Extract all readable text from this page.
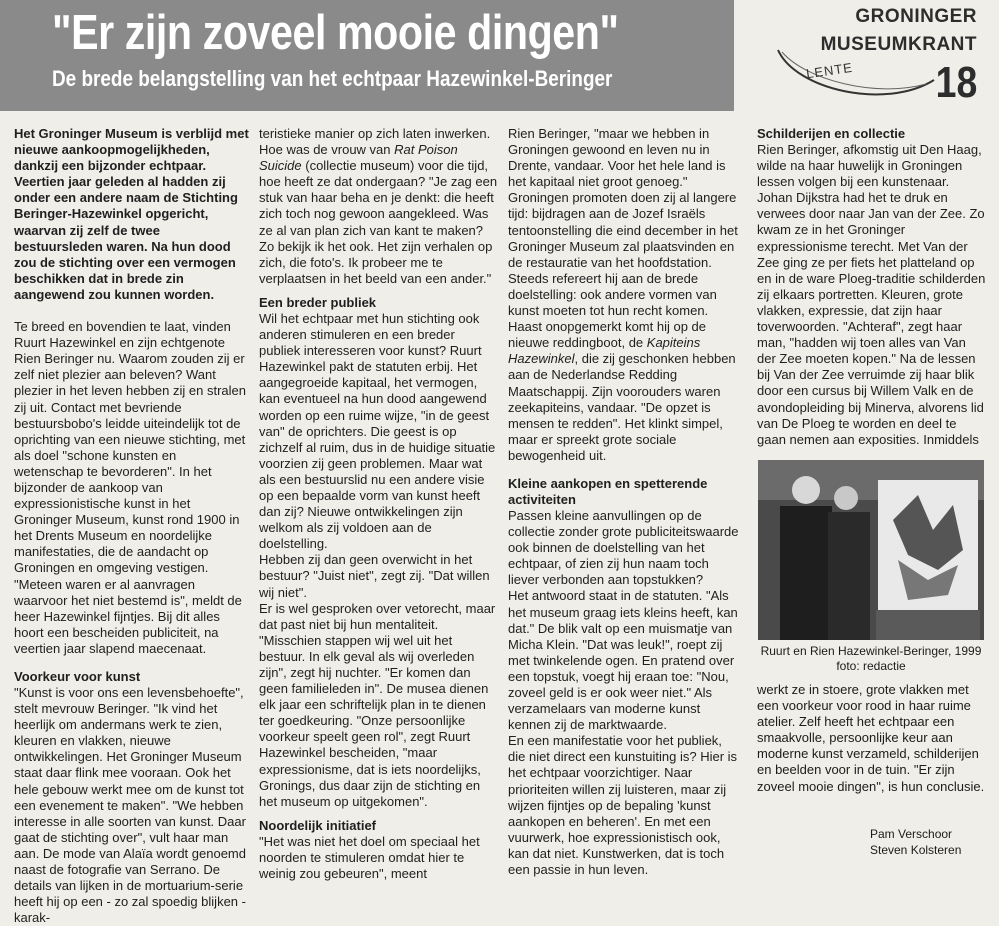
"Er zijn zoveel mooie dingen"
De brede belangstelling van het echtpaar Hazewinkel-Beringer
GRONINGER
MUSEUMKRANT
LENTE 18

Het Groninger Museum is verblijd met nieuwe aankoopmogelijkheden, dankzij een bijzonder echtpaar. Veertien jaar geleden al hadden zij onder een andere naam de Stichting Beringer-Hazewinkel opgericht, waarvan zij zelf de twee bestuursleden waren. Na hun dood zou de stichting over een vermogen beschikken dat in brede zin aangewend zou kunnen worden.

Te breed en bovendien te laat, vinden Ruurt Hazewinkel en zijn echtgenote Rien Beringer nu. Waarom zouden zij er zelf niet plezier aan beleven? Want plezier in het leven hebben zij en stralen zij uit. Contact met bevriende bestuursbobo's leidde uiteindelijk tot de oprichting van een nieuwe stichting, met als doel "schone kunsten en wetenschap te bevorderen". In het bijzonder de aankoop van expressionistische kunst in het Groninger Museum, kunst rond 1900 in het Drents Museum en noordelijke manifestaties, die de aandacht op Groningen en omgeving vestigen. "Meteen waren er al aanvragen waarvoor het niet bestemd is", meldt de heer Hazewinkel fijntjes. Bij dit alles hoort een bescheiden publiciteit, na veertien jaar slapend maecenaat.

Voorkeur voor kunst

"Kunst is voor ons een levensbehoefte", stelt mevrouw Beringer. "Ik vind het heerlijk om andermans werk te zien, kleuren en vlakken, nieuwe ontwikkelingen. Het Groninger Museum staat daar flink mee vooraan. Ook het hele gebouw werkt mee om de kunst tot een evenement te maken". "We hebben interesse in alle soorten van kunst. Daar gaat de stichting over", vult haar man aan. De mode van Alaïa wordt genoemd naast de fotografie van Serrano. De details van lijken in de mortuarium-serie heeft hij op een - zo zal spoedig blijken - karak-

teristieke manier op zich laten inwerken. Hoe was de vrouw van Rat Poison Suicide (collectie museum) voor die tijd, hoe heeft ze dat ondergaan? "Je zag een stuk van haar beha en je denkt: die heeft zich toch nog gewoon aangekleed. Was ze al van plan zich van kant te maken? Zo bekijk ik het ook. Het zijn verhalen op zich, die foto's. Ik probeer me te verplaatsen in het beeld van een ander."

Een breder publiek

Wil het echtpaar met hun stichting ook anderen stimuleren en een breder publiek interesseren voor kunst? Ruurt Hazewinkel pakt de statuten erbij. Het aangegroeide kapitaal, het vermogen, kan eventueel na hun dood aangewend worden op een ruime wijze, "in de geest van" de oprichters. Die geest is op zichzelf al ruim, dus in de huidige situatie voorzien zij geen problemen. Maar wat als een bestuurslid nu een andere visie op een bepaalde vorm van kunst heeft dan zij? Nieuwe ontwikkelingen zijn welkom als zij voldoen aan de doelstelling.

Hebben zij dan geen overwicht in het bestuur? "Juist niet", zegt zij. "Dat willen wij niet".

Er is wel gesproken over vetorecht, maar dat past niet bij hun mentaliteit. "Misschien stappen wij wel uit het bestuur. In elk geval als wij overleden zijn", zegt hij nuchter. "Er komen dan geen familieleden in". De musea dienen elk jaar een schriftelijk plan in te dienen ter goedkeuring. "Onze persoonlijke voorkeur speelt geen rol", zegt Ruurt Hazewinkel bescheiden, "maar expressionisme, dat is iets noordelijks, Gronings, dus daar zijn de stichting en het museum op uitgekomen".

Noordelijk initiatief

"Het was niet het doel om speciaal het noorden te stimuleren omdat hier te weinig zou gebeuren", meent

Rien Beringer, "maar we hebben in Groningen gewoond en leven nu in Drente, vandaar. Voor het hele land is het kapitaal niet groot genoeg." Groningen promoten doen zij al langere tijd: bijdragen aan de Jozef Israëls tentoonstelling die eind december in het Groninger Museum zal plaatsvinden en de restauratie van het hoofdstation. Steeds refereert hij aan de brede doelstelling: ook andere vormen van kunst moeten tot hun recht komen. Haast onopgemerkt komt hij op de nieuwe reddingboot, de Kapiteins Hazewinkel, die zij geschonken hebben aan de Nederlandse Redding Maatschappij. Zijn voorouders waren zeekapiteins, vandaar. "De opzet is mensen te redden". Het klinkt simpel, maar er spreekt grote sociale bewogenheid uit.

Kleine aankopen en spetterende activiteiten

Passen kleine aanvullingen op de collectie zonder grote publiciteitswaarde ook binnen de doelstelling van het echtpaar, of zien zij hun naam toch liever verbonden aan topstukken?

Het antwoord staat in de statuten. "Als het museum graag iets kleins heeft, kan dat." De blik valt op een muismatje van Micha Klein. "Dat was leuk!", roept zij met twinkelende ogen. En pratend over een topstuk, voegt hij eraan toe: "Nou, zoveel geld is er ook weer niet." Als verzamelaars van moderne kunst kennen zij de marktwaarde.

En een manifestatie voor het publiek, die niet direct een kunstuiting is? Hier is het echtpaar voorzichtiger. Naar prioriteiten willen zij luisteren, maar zij wijzen fijntjes op de bepaling 'kunst aankopen en beheren'. En met een vuurwerk, hoe expressionistisch ook, kan dat niet. Kunstwerken, dat is toch een passie in hun leven.

Schilderijen en collectie

Rien Beringer, afkomstig uit Den Haag, wilde na haar huwelijk in Groningen lessen volgen bij een kunstenaar. Johan Dijkstra had het te druk en verwees door naar Jan van der Zee. Zo kwam ze in het Groninger expressionisme terecht. Met Van der Zee ging ze per fiets het platteland op en in de ware Ploeg-traditie schilderden zij elkaars portretten. Kleuren, grote vlakken, expressie, dat zijn haar toverwoorden. "Achteraf", zegt haar man, "hadden wij toen alles van Van der Zee moeten kopen." Na de lessen bij Van der Zee verruimde zij haar blik door een cursus bij Willem Valk en de avondopleiding bij Minerva, alvorens lid van De Ploeg te worden en deel te gaan nemen aan exposities. Inmiddels

Ruurt en Rien Hazewinkel-Beringer, 1999
foto: redactie

werkt ze in stoere, grote vlakken met een voorkeur voor rood in haar ruime atelier. Zelf heeft het echtpaar een smaakvolle, persoonlijke keur aan moderne kunst verzameld, schilderijen en beelden voor in de tuin. "Er zijn zoveel mooie dingen", is hun conclusie.

Pam Verschoor
Steven Kolsteren
